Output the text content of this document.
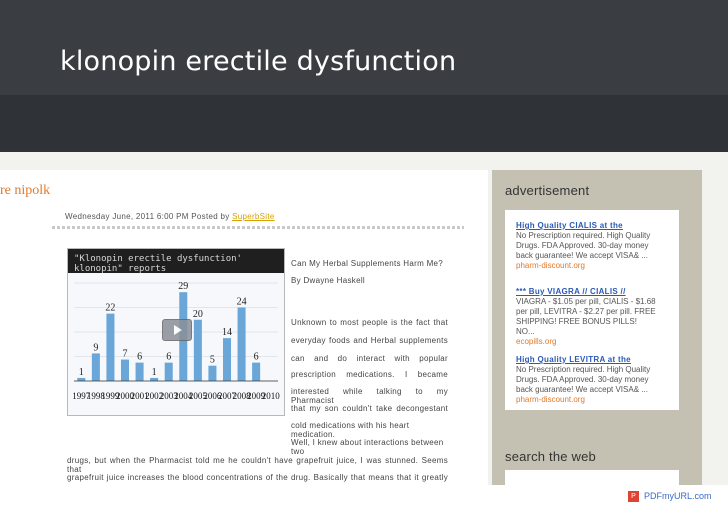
klonopin erectile dysfunction
re nipolk
Wednesday June, 2011 6:00 PM Posted by SuperbSite
"Klonopin erectile dysfunction' klonopin" reports
1
1997
9
1998
22
1999
7
2000
6
2001
1
2002
6
2003
29
2004
20
2005
5
2006
14
2007
24
2008
6
2009
2010
Can My Herbal Supplements Harm Me?
By Dwayne Haskell
Unknown to most people is the fact that
everyday foods and Herbal supplements
can and do interact with popular
prescription medications. I became
interested while talking to my Pharmacist
that my son couldn't take decongestant
cold medications with his heart medication.
Well, I knew about interactions between two
drugs, but when the Pharmacist told me he couldn't have grapefruit juice, I was stunned. Seems that
grapefruit juice increases the blood concentrations of the drug. Basically that means that it greatly
advertisement
High Quality CIALIS at the
No Prescription required. High Quality Drugs. FDA Approved. 30-day money back guarantee! We accept VISA& ...
pharm-discount.org
*** Buy VIAGRA // CIALIS //
VIAGRA - $1.05 per pill, CIALIS - $1.68 per pill, LEVITRA - $2.27 per pill. FREE SHIPPING! FREE BONUS PILLS! NO...
ecopills.org
High Quality LEVITRA at the
No Prescription required. High Quality Drugs. FDA Approved. 30-day money back guarantee! We accept VISA& ...
pharm-discount.org
search the web
P PDFmyURL.com
